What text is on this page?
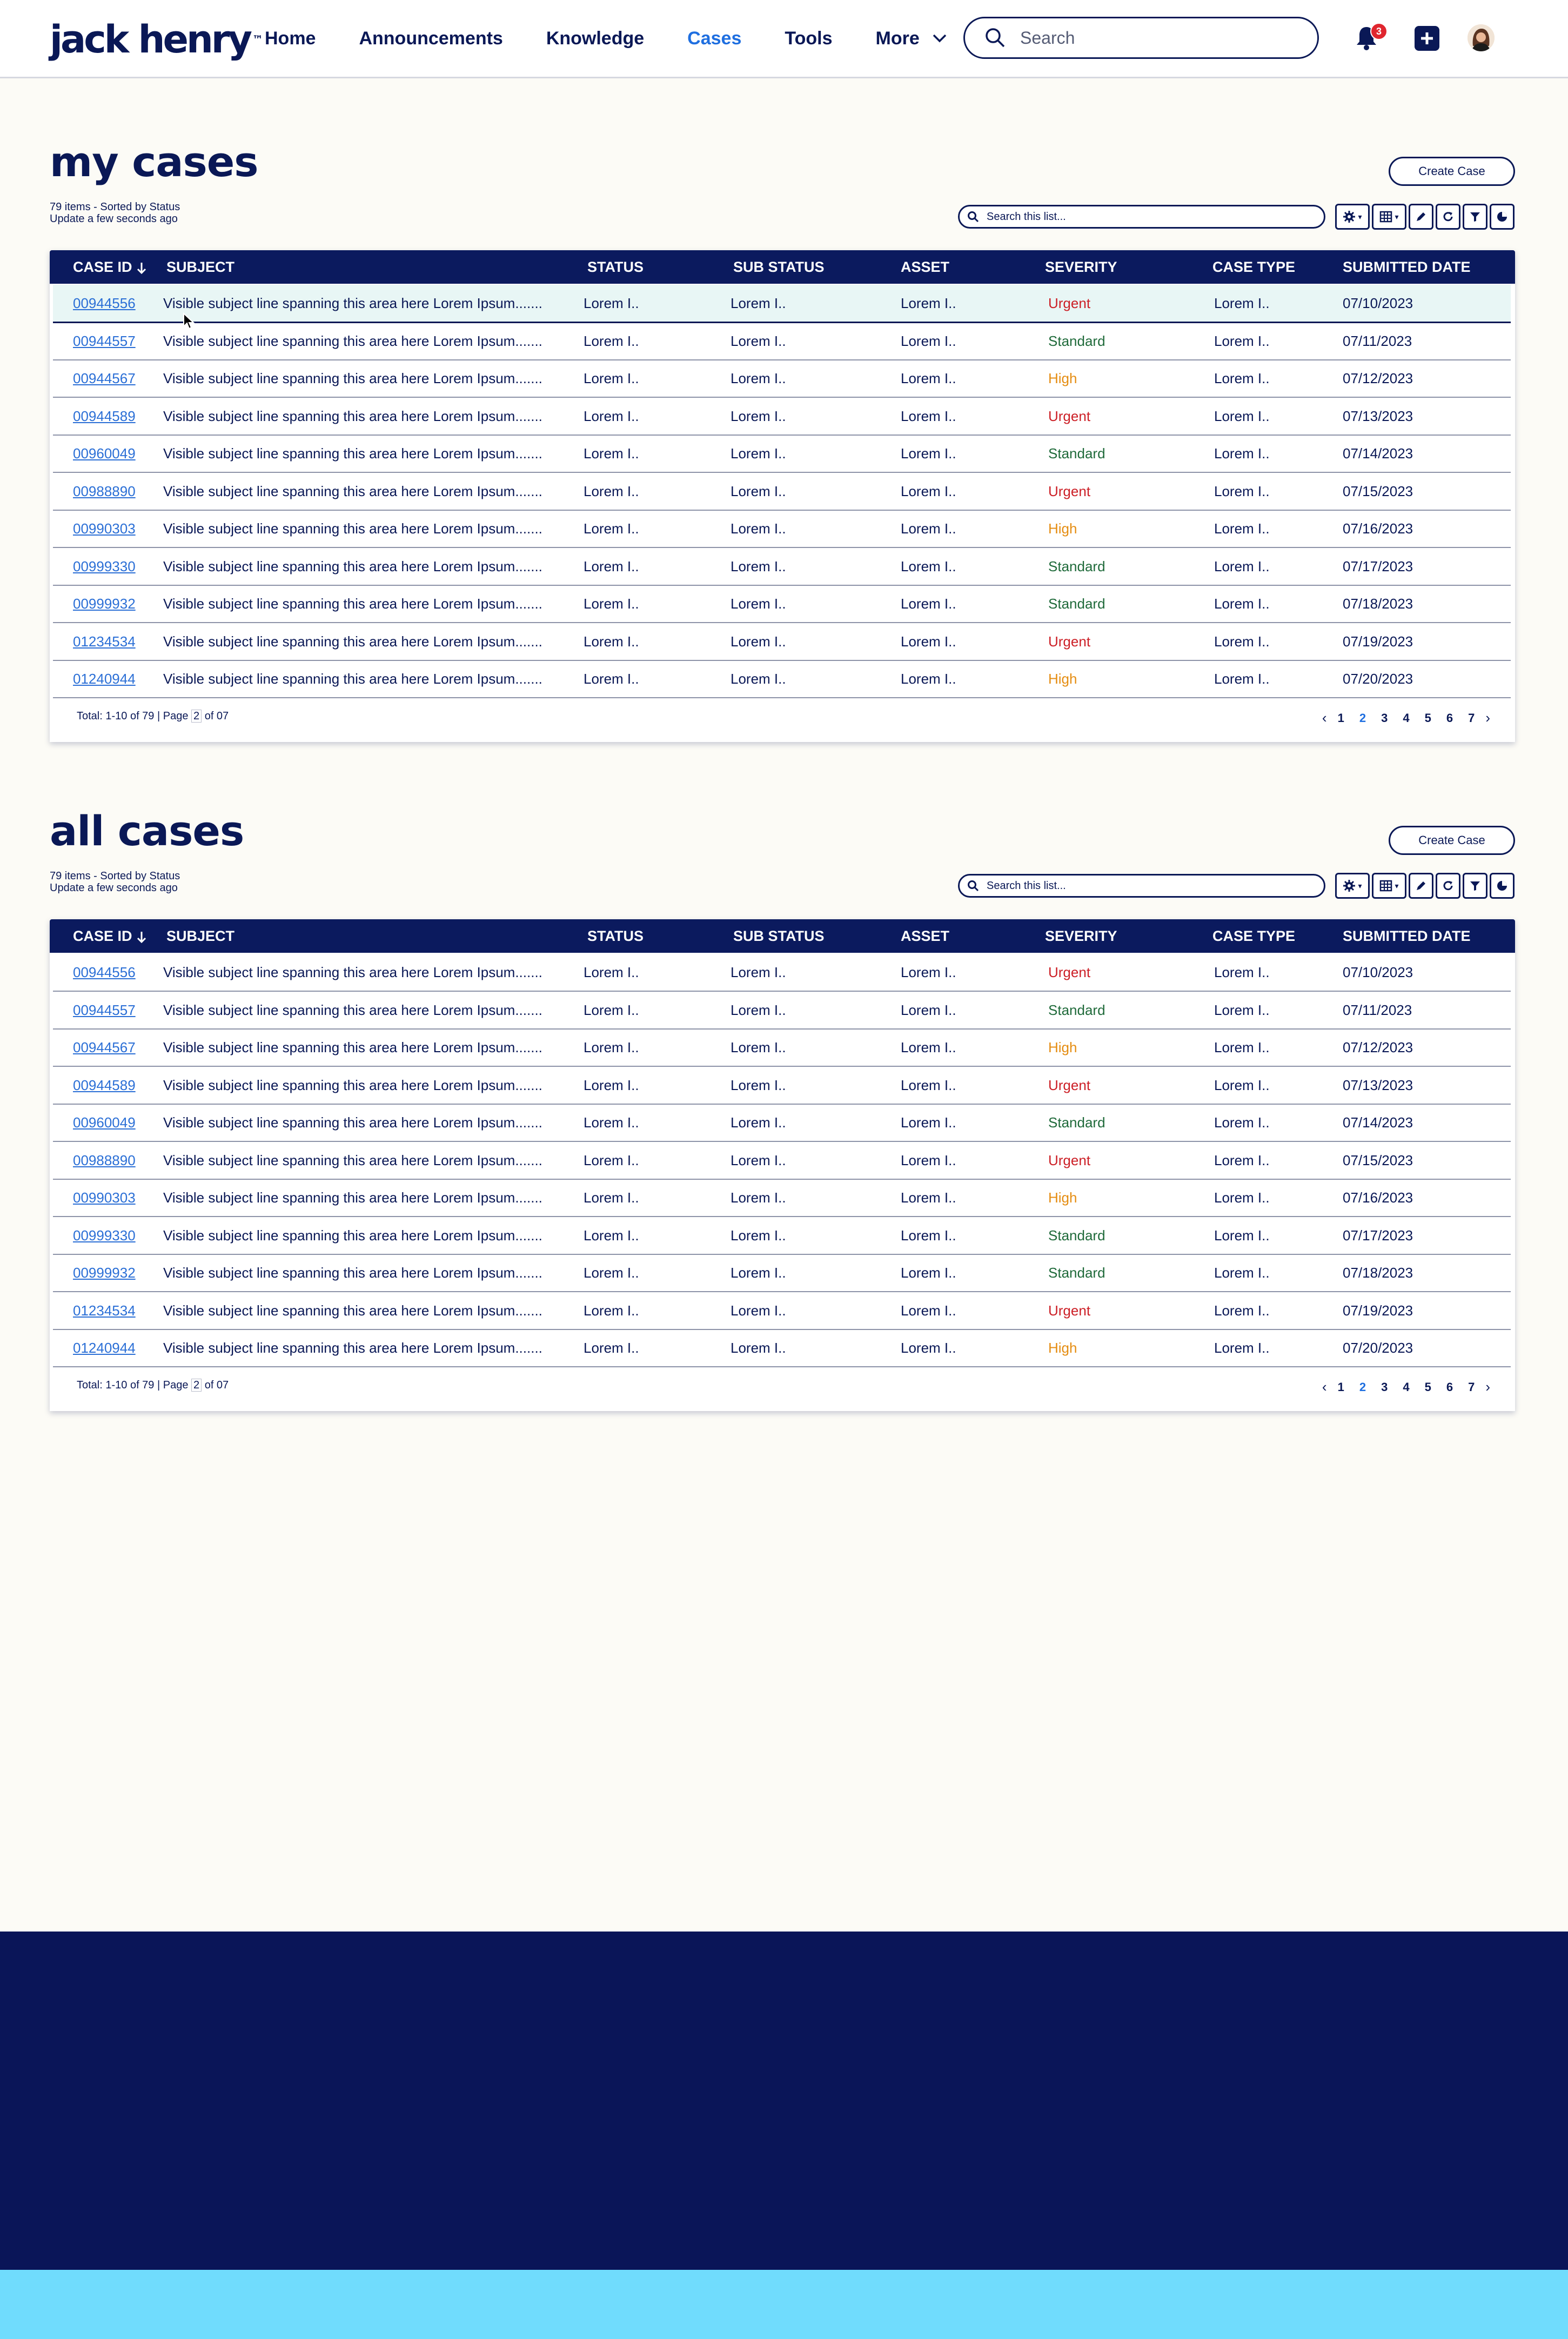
jack henry ™ Home Announcements Knowledge Cases Tools More
Search	3
my cases	Create Case
79 items - Sorted by Status
Update a few seconds ago
Search this list...	▾	▾
CASE ID	SUBJECT	STATUS	SUB STATUS	ASSET	SEVERITY	CASE TYPE	SUBMITTED DATE
00944556 Visible subject line spanning this area here Lorem Ipsum.......	Lorem I..	Lorem I..	Lorem I..	Urgent	Lorem I..	07/10/2023
00944557 Visible subject line spanning this area here Lorem Ipsum.......	Lorem I..	Lorem I..	Lorem I..	Standard	Lorem I..	07/11/2023
00944567 Visible subject line spanning this area here Lorem Ipsum.......	Lorem I..	Lorem I..	Lorem I..	High	Lorem I..	07/12/2023
00944589 Visible subject line spanning this area here Lorem Ipsum.......	Lorem I..	Lorem I..	Lorem I..	Urgent	Lorem I..	07/13/2023
00960049 Visible subject line spanning this area here Lorem Ipsum.......	Lorem I..	Lorem I..	Lorem I..	Standard	Lorem I..	07/14/2023
00988890 Visible subject line spanning this area here Lorem Ipsum.......	Lorem I..	Lorem I..	Lorem I..	Urgent	Lorem I..	07/15/2023
00990303 Visible subject line spanning this area here Lorem Ipsum.......	Lorem I..	Lorem I..	Lorem I..	High	Lorem I..	07/16/2023
00999330 Visible subject line spanning this area here Lorem Ipsum.......	Lorem I..	Lorem I..	Lorem I..	Standard	Lorem I..	07/17/2023
00999932 Visible subject line spanning this area here Lorem Ipsum.......	Lorem I..	Lorem I..	Lorem I..	Standard	Lorem I..	07/18/2023
01234534 Visible subject line spanning this area here Lorem Ipsum.......	Lorem I..	Lorem I..	Lorem I..	Urgent	Lorem I..	07/19/2023
01240944 Visible subject line spanning this area here Lorem Ipsum.......	Lorem I..	Lorem I..	Lorem I..	High	Lorem I..	07/20/2023
Total: 1-10 of 79 | Page 2 of 07	‹ 1 2 3 4 5 6 7 ›
all cases	Create Case
79 items - Sorted by Status
Update a few seconds ago
Search this list...	▾	▾
CASE ID	SUBJECT	STATUS	SUB STATUS	ASSET	SEVERITY	CASE TYPE	SUBMITTED DATE
00944556 Visible subject line spanning this area here Lorem Ipsum.......	Lorem I..	Lorem I..	Lorem I..	Urgent	Lorem I..	07/10/2023
00944557 Visible subject line spanning this area here Lorem Ipsum.......	Lorem I..	Lorem I..	Lorem I..	Standard	Lorem I..	07/11/2023
00944567 Visible subject line spanning this area here Lorem Ipsum.......	Lorem I..	Lorem I..	Lorem I..	High	Lorem I..	07/12/2023
00944589 Visible subject line spanning this area here Lorem Ipsum.......	Lorem I..	Lorem I..	Lorem I..	Urgent	Lorem I..	07/13/2023
00960049 Visible subject line spanning this area here Lorem Ipsum.......	Lorem I..	Lorem I..	Lorem I..	Standard	Lorem I..	07/14/2023
00988890 Visible subject line spanning this area here Lorem Ipsum.......	Lorem I..	Lorem I..	Lorem I..	Urgent	Lorem I..	07/15/2023
00990303 Visible subject line spanning this area here Lorem Ipsum.......	Lorem I..	Lorem I..	Lorem I..	High	Lorem I..	07/16/2023
00999330 Visible subject line spanning this area here Lorem Ipsum.......	Lorem I..	Lorem I..	Lorem I..	Standard	Lorem I..	07/17/2023
00999932 Visible subject line spanning this area here Lorem Ipsum.......	Lorem I..	Lorem I..	Lorem I..	Standard	Lorem I..	07/18/2023
01234534 Visible subject line spanning this area here Lorem Ipsum.......	Lorem I..	Lorem I..	Lorem I..	Urgent	Lorem I..	07/19/2023
01240944 Visible subject line spanning this area here Lorem Ipsum.......	Lorem I..	Lorem I..	Lorem I..	High	Lorem I..	07/20/2023
Total: 1-10 of 79 | Page 2 of 07	‹ 1 2 3 4 5 6 7 ›
